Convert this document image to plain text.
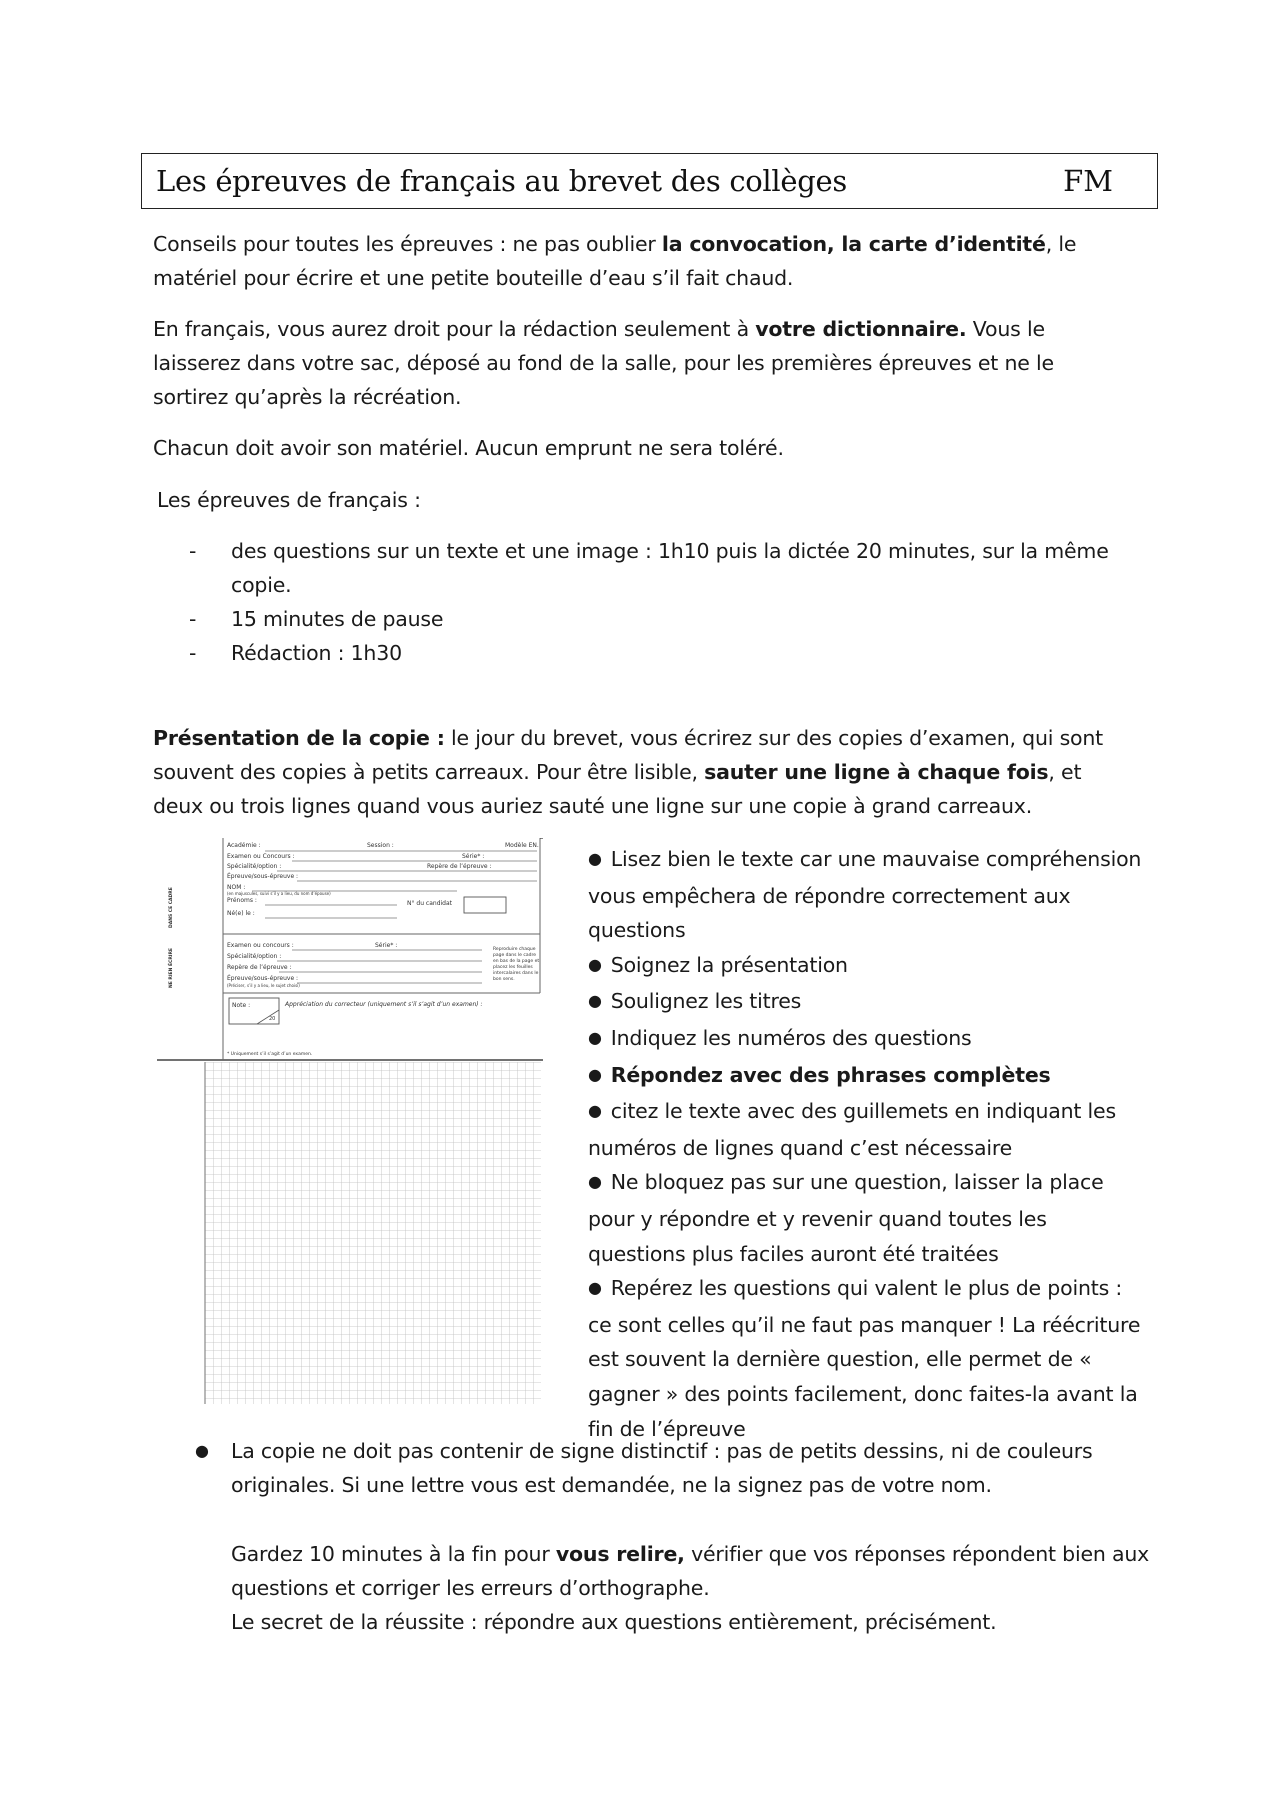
Les épreuves de français au brevet des collèges	FM

Conseils pour toutes les épreuves : ne pas oublier la convocation, la carte d’identité, le matériel pour écrire et une petite bouteille d’eau s’il fait chaud.

En français, vous aurez droit pour la rédaction seulement à votre dictionnaire. Vous le laisserez dans votre sac, déposé au fond de la salle, pour les premières épreuves et ne le sortirez qu’après la récréation.

Chacun doit avoir son matériel. Aucun emprunt ne sera toléré.

Les épreuves de français :

- des questions sur un texte et une image : 1h10 puis la dictée 20 minutes, sur la même copie.
- 15 minutes de pause
- Rédaction : 1h30

Présentation de la copie : le jour du brevet, vous écrirez sur des copies d’examen, qui sont souvent des copies à petits carreaux. Pour être lisible, sauter une ligne à chaque fois, et deux ou trois lignes quand vous auriez sauté une ligne sur une copie à grand carreaux.

Académie :	Session :	Modèle EN.
Examen ou Concours :	Série* :
Spécialité/option :	Repère de l’épreuve :
Épreuve/sous-épreuve :
NOM :
(en majuscules, suivi s’il y a lieu, du nom d’épouse)
Prénoms :	N° du candidat
Né(e) le :
Examen ou concours :	Série* :
Spécialité/option :
Repère de l’épreuve :
Épreuve/sous-épreuve :
(Préciser, s’il y a lieu, le sujet choisi)
Note :
20
Appréciation du correcteur (uniquement s’il s’agit d’un examen) :
* Uniquement s’il s’agit d’un examen.
Reproduire chaque
page dans le cadre
en bas de la page et
placez les feuilles
intercalaires dans le
bon sens.
DANS CE CADRE
NE RIEN ÉCRIRE
● Lisez bien le texte car une mauvaise compréhension vous empêchera de répondre correctement aux questions
● Soignez la présentation
● Soulignez les titres
● Indiquez les numéros des questions
● Répondez avec des phrases complètes
● citez le texte avec des guillemets en indiquant les numéros de lignes quand c’est nécessaire
● Ne bloquez pas sur une question, laisser la place pour y répondre et y revenir quand toutes les questions plus faciles auront été traitées
● Repérez les questions qui valent le plus de points : ce sont celles qu’il ne faut pas manquer ! La réécriture est souvent la dernière question, elle permet de « gagner » des points facilement, donc faites-la avant la fin de l’épreuve
● La copie ne doit pas contenir de signe distinctif : pas de petits dessins, ni de couleurs originales. Si une lettre vous est demandée, ne la signez pas de votre nom.

Gardez 10 minutes à la fin pour vous relire, vérifier que vos réponses répondent bien aux questions et corriger les erreurs d’orthographe.

Le secret de la réussite : répondre aux questions entièrement, précisément.
